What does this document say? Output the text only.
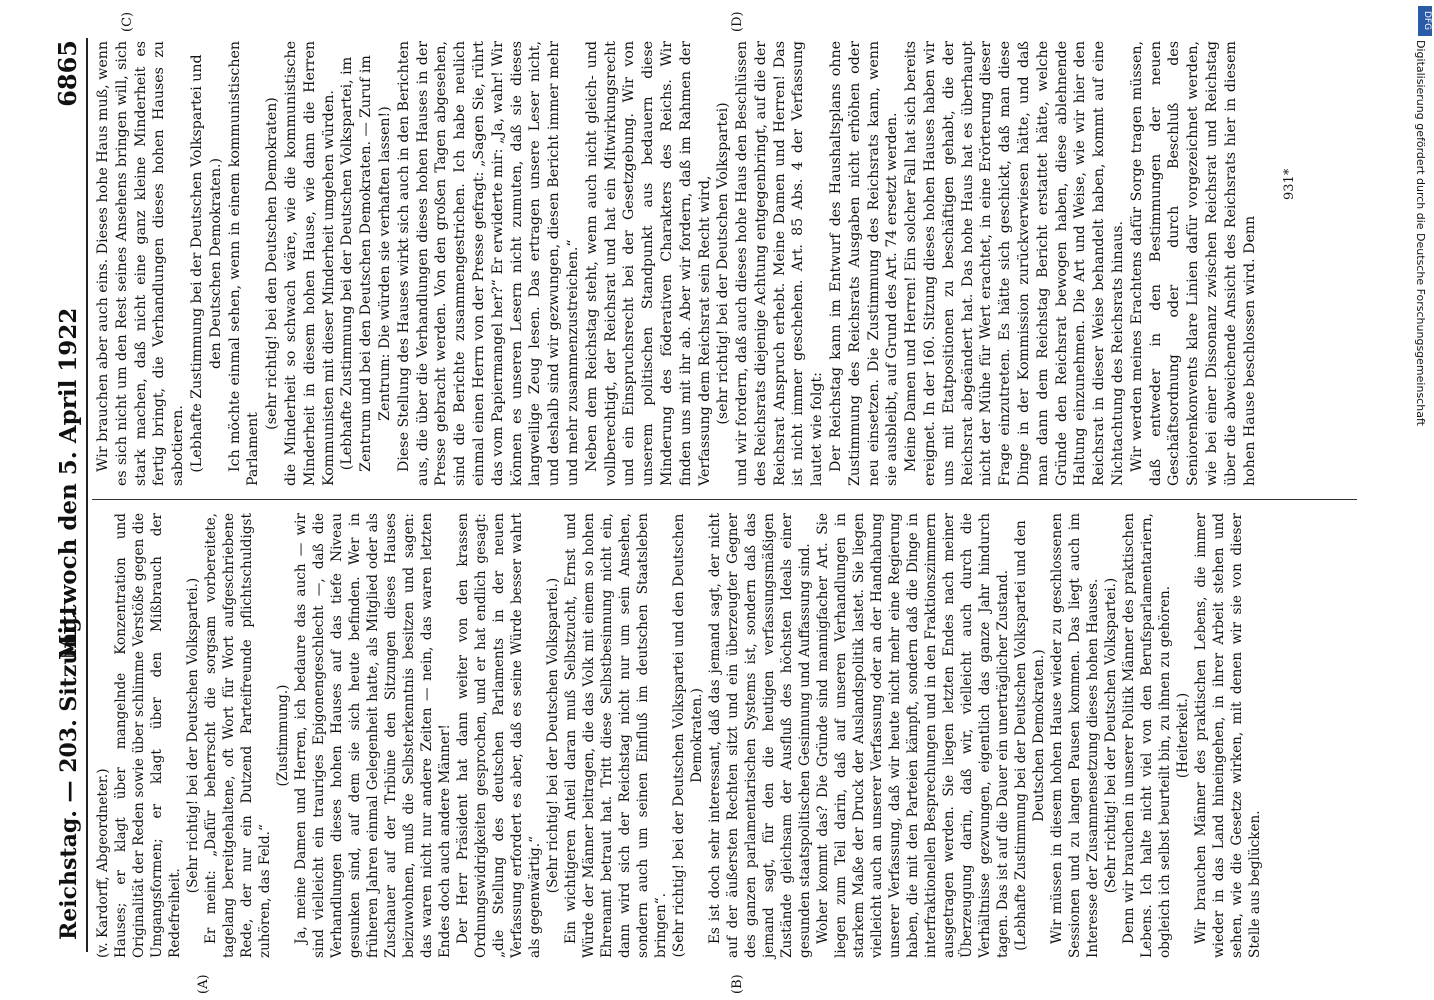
Reichstag. — 203. Sitzung.
Mittwoch den 5. April 1922
6865
(A)	(B)
(C)	(D)

(v. Kardorff, Abgeordneter.) Hauses; er klagt über mangelnde Konzentration und Originalität der Reden sowie über schlimme Verstöße gegen die Umgangsformen; er klagt über den Mißbrauch der Redefreiheit.

(Sehr richtig! bei der Deutschen Volkspartei.) Er meint: „Dafür beherrscht die sorgsam vorbereitete, tagelang bereitgehaltene, oft Wort für Wort aufgeschriebene Rede, der nur ein Dutzend Parteifreunde pflichtschuldigst zuhören, das Feld.“

(Zustimmung.) Ja, meine Damen und Herren, ich bedaure das auch — wir sind vielleicht ein trauriges Epigonengeschlecht —, daß die Verhandlungen dieses hohen Hauses auf das tiefe Niveau gesunken sind, auf dem sie sich heute befinden. Wer in früheren Jahren einmal Gelegenheit hatte, als Mitglied oder als Zuschauer auf der Tribüne den Sitzungen dieses Hauses beizuwohnen, muß die Selbsterkenntnis besitzen und sagen: das waren nicht nur andere Zeiten — nein, das waren letzten Endes doch auch andere Männer! Der Herr Präsident hat dann weiter von den krassen Ordnungswidrigkeiten gesprochen, und er hat endlich gesagt: „die Stellung des deutschen Parlaments in der neuen Verfassung erfordert es aber, daß es seine Würde besser wahrt als gegenwärtig.“

(Sehr richtig! bei der Deutschen Volkspartei.) Ein wichtigeren Anteil daran muß Selbstzucht, Ernst und Würde der Männer beitragen, die das Volk mit einem so hohen Ehrenamt betraut hat. Tritt diese Selbstbesinnung nicht ein, dann wird sich der Reichstag nicht nur um sein Ansehen, sondern auch um seinen Einfluß im deutschen Staatsleben bringen“. (Sehr richtig! bei der Deutschen Volkspartei und den Deutschen Demokraten.) Es ist doch sehr interessant, daß das jemand sagt, der nicht auf der äußersten Rechten sitzt und ein überzeugter Gegner des ganzen parlamentarischen Systems ist, sondern daß das jemand sagt, für den die heutigen verfassungsmäßigen Zustände gleichsam der Ausfluß des höchsten Ideals einer gesunden staatspolitischen Gesinnung und Auffassung sind. Woher kommt das? Die Gründe sind mannigfacher Art. Sie liegen zum Teil darin, daß auf unseren Verhandlungen in starkem Maße der Druck der Auslandspolitik lastet. Sie liegen vielleicht auch an unserer Verfassung oder an der Handhabung unserer Verfassung, daß wir heute nicht mehr eine Regierung haben, die mit den Parteien kämpft, sondern daß die Dinge in interfraktionellen Besprechungen und in den Fraktionszimmern ausgetragen werden. Sie liegen letzten Endes nach meiner Überzeugung darin, daß wir, vielleicht auch durch die Verhältnisse gezwungen, eigentlich das ganze Jahr hindurch tagen. Das ist auf die Dauer ein unerträglicher Zustand. (Lebhafte Zustimmung bei der Deutschen Volkspartei und den Deutschen Demokraten.) Wir müssen in diesem hohen Hause wieder zu geschlossenen Sessionen und zu langen Pausen kommen. Das liegt auch im Interesse der Zusammensetzung dieses hohen Hauses. (Sehr richtig! bei der Deutschen Volkspartei.) Denn wir brauchen in unserer Politik Männer des praktischen Lebens. Ich halte nicht viel von den Berufsparlamentariern, obgleich ich selbst beurteilt bin, zu ihnen zu gehören. (Heiterkeit.) Wir brauchen Männer des praktischen Lebens, die immer wieder in das Land hineingehen, in ihrer Arbeit stehen und sehen, wie die Gesetze wirken, mit denen wir sie von dieser Stelle aus beglücken.

Wir brauchen aber auch eins. Dieses hohe Haus muß, wenn es sich nicht um den Rest seines Ansehens bringen will, sich stark machen, daß nicht eine ganz kleine Minderheit es fertig bringt, die Verhandlungen dieses hohen Hauses zu sabotieren. (Lebhafte Zustimmung bei der Deutschen Volkspartei und den Deutschen Demokraten.) Ich möchte einmal sehen, wenn in einem kommunistischen Parlament

(sehr richtig! bei den Deutschen Demokraten) die Minderheit so schwach wäre, wie die kommunistische Minderheit in diesem hohen Hause, wie dann die Herren Kommunisten mit dieser Minderheit umgehen würden. (Lebhafte Zustimmung bei der Deutschen Volkspartei, im Zentrum und bei den Deutschen Demokraten. — Zuruf im Zentrum: Die würden sie verhaften lassen!) Diese Stellung des Hauses wirkt sich auch in den Berichten aus, die über die Verhandlungen dieses hohen Hauses in der Presse gebracht werden. Von den großen Tagen abgesehen, sind die Berichte zusammengestrichen. Ich habe neulich einmal einen Herrn von der Presse gefragt: „Sagen Sie, rührt das vom Papiermangel her?“ Er erwiderte mir: „Ja, wahr! Wir können es unseren Lesern nicht zumuten, daß sie dieses langweilige Zeug lesen. Das ertragen unsere Leser nicht, und deshalb sind wir gezwungen, diesen Bericht immer mehr und mehr zusammenzustreichen.“ Neben dem Reichstag steht, wenn auch nicht gleich- und vollberechtigt, der Reichsrat und hat ein Mitwirkungsrecht und ein Einspruchsrecht bei der Gesetzgebung. Wir von unserem politischen Standpunkt aus bedauern diese Minderung des föderativen Charakters des Reichs. Wir finden uns mit ihr ab. Aber wir fordern, daß im Rahmen der Verfassung dem Reichsrat sein Recht wird, (sehr richtig! bei der Deutschen Volkspartei) und wir fordern, daß auch dieses hohe Haus den Beschlüssen des Reichsrats diejenige Achtung entgegenbringt, auf die der Reichsrat Anspruch erhebt. Meine Damen und Herren! Das ist nicht immer geschehen. Art. 85 Abs. 4 der Verfassung lautet wie folgt: Der Reichstag kann im Entwurf des Haushaltsplans ohne Zustimmung des Reichsrats Ausgaben nicht erhöhen oder neu einsetzen. Die Zustimmung des Reichsrats kann, wenn sie ausbleibt, auf Grund des Art. 74 ersetzt werden. Meine Damen und Herren! Ein solcher Fall hat sich bereits ereignet. In der 160. Sitzung dieses hohen Hauses haben wir uns mit Etatpositionen zu beschäftigen gehabt, die der Reichsrat abgeändert hat. Das hohe Haus hat es überhaupt nicht der Mühe für Wert erachtet, in eine Erörterung dieser Frage einzutreten. Es hätte sich geschickt, daß man diese Dinge in der Kommission zurückverwiesen hätte, und daß man dann dem Reichstag Bericht erstattet hätte, welche Gründe den Reichsrat bewogen haben, diese ablehnende Haltung einzunehmen. Die Art und Weise, wie wir hier den Reichsrat in dieser Weise behandelt haben, kommt auf eine Nichtachtung des Reichsrats hinaus. Wir werden meines Erachtens dafür Sorge tragen müssen, daß entweder in den Bestimmungen der neuen Geschäftsordnung oder durch Beschluß des Seniorenkonvents klare Linien dafür vorgezeichnet werden, wie bei einer Dissonanz zwischen Reichsrat und Reichstag über die abweichende Ansicht des Reichsrats hier in diesem hohen Hause beschlossen wird. Denn

931*
DFG
Digitalisierung gefördert durch die Deutsche Forschungsgemeinschaft
